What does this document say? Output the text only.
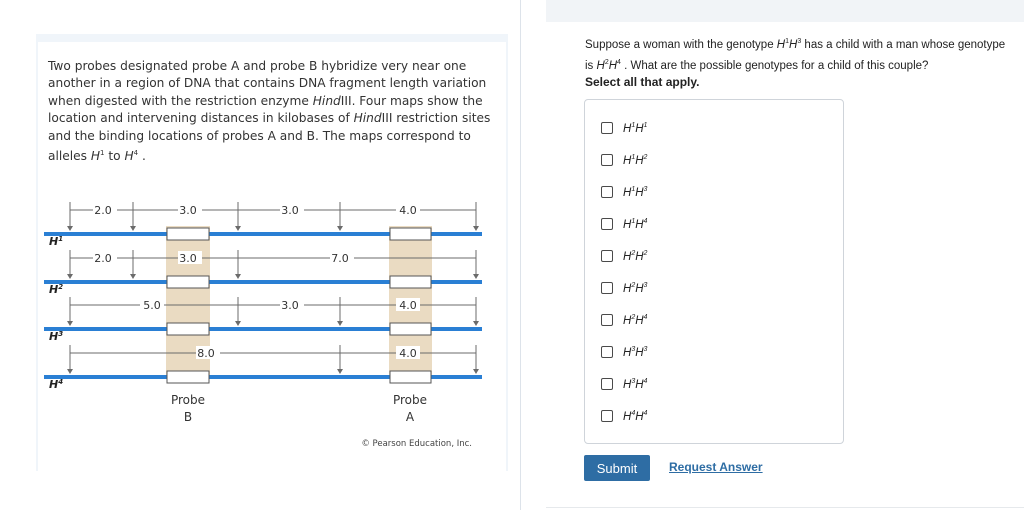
Two probes designated probe A and probe B hybridize very near one another in a region of DNA that contains DNA fragment length variation when digested with the restriction enzyme HindIII. Four maps show the location and intervening distances in kilobases of HindIII restriction sites and the binding locations of probes A and B. The maps correspond to alleles $H^1$ to $H^4$ .
2.0	3.0	3.0	4.0
2.0	3.0	7.0
5.0	3.0	4.0
8.0	4.0
$H^1$
$H^2$
$H^3$
$H^4$
Probe
B
Probe
A
© Pearson Education, Inc.
Suppose a woman with the genotype $H^1H^3$ has a child with a man whose genotype is $H^2H^4$ . What are the possible genotypes for a child of this couple?
Select all that apply.
$H^1H^1$
$H^1H^2$
$H^1H^3$
$H^1H^4$
$H^2H^2$
$H^2H^3$
$H^2H^4$
$H^3H^3$
$H^3H^4$
$H^4H^4$
Submit	Request Answer
